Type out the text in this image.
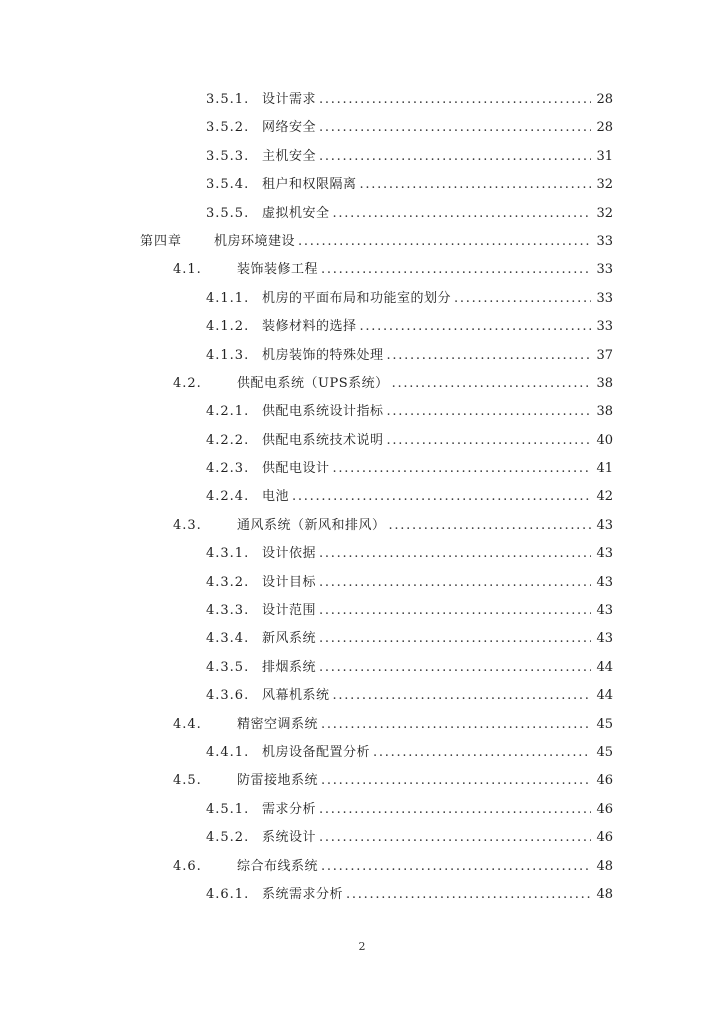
3.5.1. 设计需求 . . .	28
3.5.2. 网络安全 . . .	28
3.5.3. 主机安全 . . .	31
3.5.4. 租户和权限隔离 . . .	32
3.5.5. 虚拟机安全 . . .	32
第四章	机房环境建设 . . .	33
4.1.	装饰装修工程 . . .	33
4.1.1. 机房的平面布局和功能室的划分 . . .	33
4.1.2. 装修材料的选择 . . .	33
4.1.3. 机房装饰的特殊处理 . . .	37
4.2.	供配电系统（UPS系统） . . .	38
4.2.1. 供配电系统设计指标 . . .	38
4.2.2. 供配电系统技术说明 . . .	40
4.2.3. 供配电设计 . . .	41
4.2.4. 电池 . . .	42
4.3.	通风系统（新风和排风） . . .	43
4.3.1. 设计依据 . . .	43
4.3.2. 设计目标 . . .	43
4.3.3. 设计范围 . . .	43
4.3.4. 新风系统 . . .	43
4.3.5. 排烟系统 . . .	44
4.3.6. 风幕机系统 . . .	44
4.4.	精密空调系统 . . .	45
4.4.1. 机房设备配置分析 . . .	45
4.5.	防雷接地系统 . . .	46
4.5.1. 需求分析 . . .	46
4.5.2. 系统设计 . . .	46
4.6.	综合布线系统 . . .	48
4.6.1. 系统需求分析 . . .	48
2
